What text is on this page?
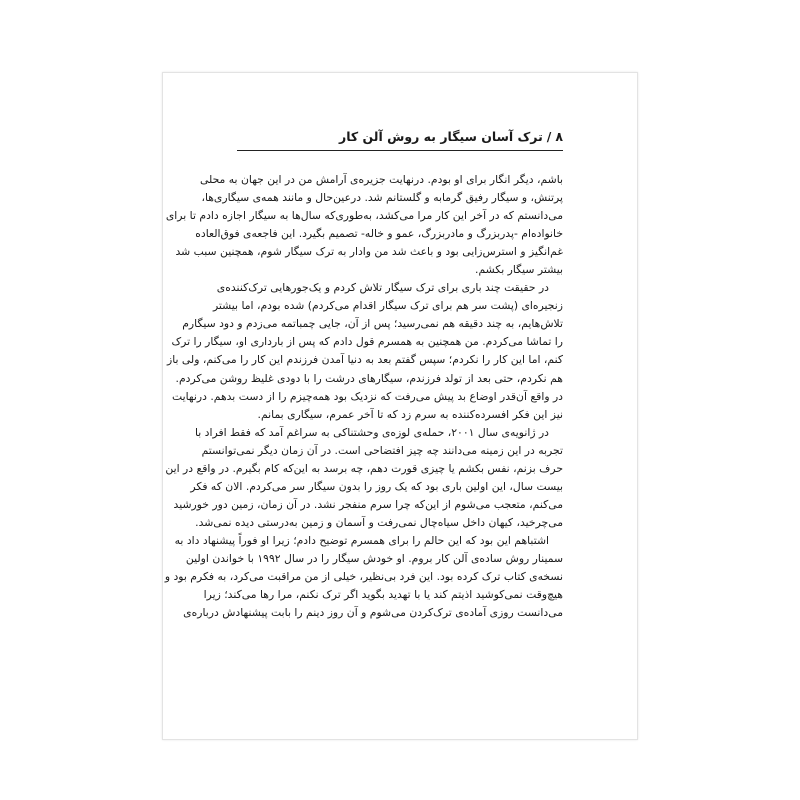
۸
/
ترک آسان سیگار به روش آلن کار

باشم، دیگر انگار برای او بودم. درنهایت جزیره‌ی آرامش من در این جهان به محلی
پرتنش، و سیگار رفیق گرمابه و گلستانم شد. درعین‌حال و مانند همه‌ی سیگاری‌ها،
می‌دانستم که در آخر این کار مرا می‌کشد، به‌طوری‌که سال‌ها به سیگار اجازه دادم تا برای
خانواده‌ام -پدربزرگ و مادربزرگ، عمو و خاله- تصمیم بگیرد. این فاجعه‌ی فوق‌العاده
غم‌انگیز و استرس‌زایی بود و باعث شد من وادار به ترک سیگار شوم، همچنین سبب شد
بیشتر سیگار بکشم.

در حقیقت چند باری برای ترک سیگار تلاش کردم و یک‌جورهایی ترک‌کننده‌ی
زنجیره‌ای (پشت سر هم برای ترک سیگار اقدام می‌کردم) شده بودم، اما بیشتر
تلاش‌هایم، به چند دقیقه هم نمی‌رسید؛ پس از آن، جایی چمباتمه می‌زدم و دود سیگارم
را تماشا می‌کردم. من همچنین به همسرم قول دادم که پس از بارداری او، سیگار را ترک
کنم، اما این کار را نکردم؛ سپس گفتم بعد به دنیا آمدن فرزندم این کار را می‌کنم، ولی باز
هم نکردم، حتی بعد از تولد فرزندم، سیگارهای درشت را با دودی غلیظ روشن می‌کردم.
در واقع آن‌قدر اوضاع بد پیش می‌رفت که نزدیک بود همه‌چیزم را از دست بدهم. درنهایت
نیز این فکر افسرده‌کننده به سرم زد که تا آخر عمرم، سیگاری بمانم.

در ژانویه‌ی سال ۲۰۰۱، حمله‌ی لوزه‌ی وحشتناکی به سراغم آمد که فقط افراد با
تجربه در این زمینه می‌دانند چه چیز افتضاحی است. در آن زمان دیگر نمی‌توانستم
حرف بزنم، نفس بکشم یا چیزی قورت دهم، چه برسد به این‌که کام بگیرم. در واقع در این
بیست سال، این اولین باری بود که یک روز را بدون سیگار سر می‌کردم. الان که فکر
می‌کنم، متعجب می‌شوم از این‌که چرا سرم منفجر نشد. در آن زمان، زمین دور خورشید
می‌چرخید، کیهان داخل سیاه‌چال نمی‌رفت و آسمان و زمین به‌درستی دیده نمی‌شد.

اشتباهم این بود که این حالم را برای همسرم توضیح دادم؛ زیرا او فوراً پیشنهاد داد به
سمینار روش ساده‌ی آلن کار بروم. او خودش سیگار را در سال ۱۹۹۲ با خواندن اولین
نسخه‌ی کتاب ترک کرده بود. این فرد بی‌نظیر، خیلی از من مراقبت می‌کرد، به فکرم بود و
هیچ‌وقت نمی‌کوشید اذیتم کند یا با تهدید بگوید اگر ترک نکنم، مرا رها می‌کند؛ زیرا
می‌دانست روزی آماده‌ی ترک‌کردن می‌شوم و آن روز دینم را بابت پیشنهادش درباره‌ی
